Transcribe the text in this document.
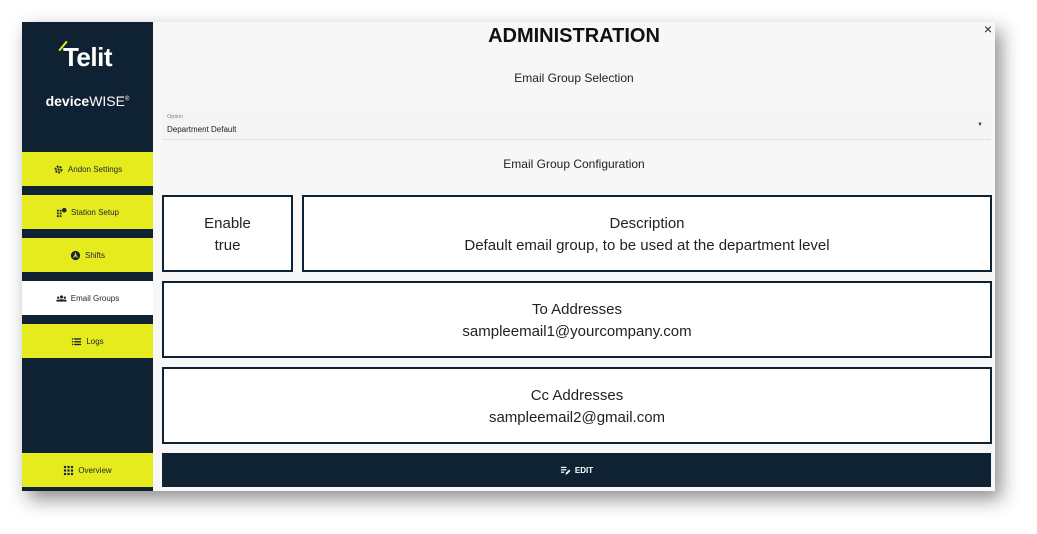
Telit
deviceWISE®
Andon Settings
Station Setup
Shifts
Email Groups
Logs
Overview
ADMINISTRATION	×
Email Group Selection
Option
Department Default	▼
Email Group Configuration
Enable
true
Description
Default email group, to be used at the department level
To Addresses
sampleemail1@yourcompany.com
Cc Addresses
sampleemail2@gmail.com
EDIT
